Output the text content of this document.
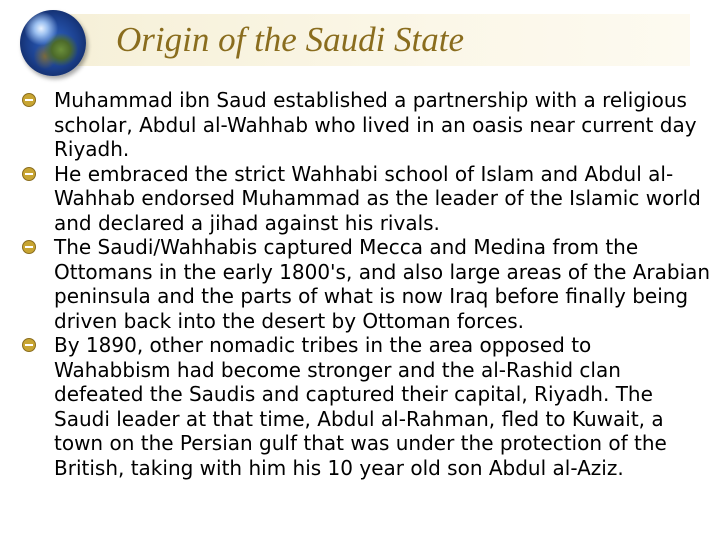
Origin of the Saudi State
Muhammad ibn Saud established a partnership with a religious scholar, Abdul al-Wahhab who lived in an oasis near current day Riyadh.
He embraced the strict Wahhabi school of Islam and Abdul al-Wahhab endorsed Muhammad as the leader of the Islamic world and declared a jihad against his rivals.
The Saudi/Wahhabis captured Mecca and Medina from the Ottomans in the early 1800's, and also large areas of the Arabian peninsula and the parts of what is now Iraq before finally being driven back into the desert by Ottoman forces.
By 1890, other nomadic tribes in the area opposed to Wahabbism had become stronger and the al-Rashid clan defeated the Saudis and captured their capital, Riyadh. The Saudi leader at that time, Abdul al-Rahman, fled to Kuwait, a town on the Persian gulf that was under the protection of the British, taking with him his 10 year old son Abdul al-Aziz.
